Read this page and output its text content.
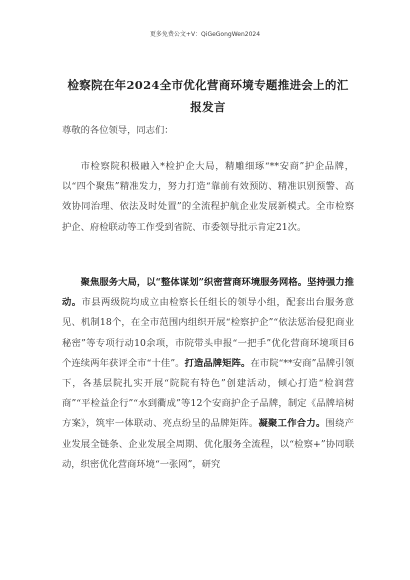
更多免费公文+V：QiGeGongWen2024
检察院在年2024全市优化营商环境专题推进会上的汇报发言
尊敬的各位领导，同志们：
市检察院积极融入*检护企大局，精雕细琢“**安商”护企品牌，以“四个聚焦”精准发力，努力打造“靠前有效预防、精准识别预警、高效协同治理、依法及时处置”的全流程护航企业发展新模式。全市检察护企、府检联动等工作受到省院、市委领导批示肯定21次。
聚焦服务大局，以“整体谋划”织密营商环境服务网格。坚持强力推动。市县两级院均成立由检察长任组长的领导小组，配套出台服务意见、机制18个，在全市范围内组织开展“检察护企”“依法惩治侵犯商业秘密”等专项行动10余项，市院带头申报“一把手”优化营商环境项目6个连续两年获评全市“十佳”。打造品牌矩阵。在市院“**安商”品牌引领下，各基层院扎实开展“院院有特色”创建活动，倾心打造“检润营商”“平检益企行”“水到衢成”等12个安商护企子品牌，制定《品牌培树方案》，筑牢一体联动、亮点纷呈的品牌矩阵。凝聚工作合力。围绕产业发展全链条、企业发展全周期、优化服务全流程，以“检察+”协同联动，织密优化营商环境“一张网”，研究
